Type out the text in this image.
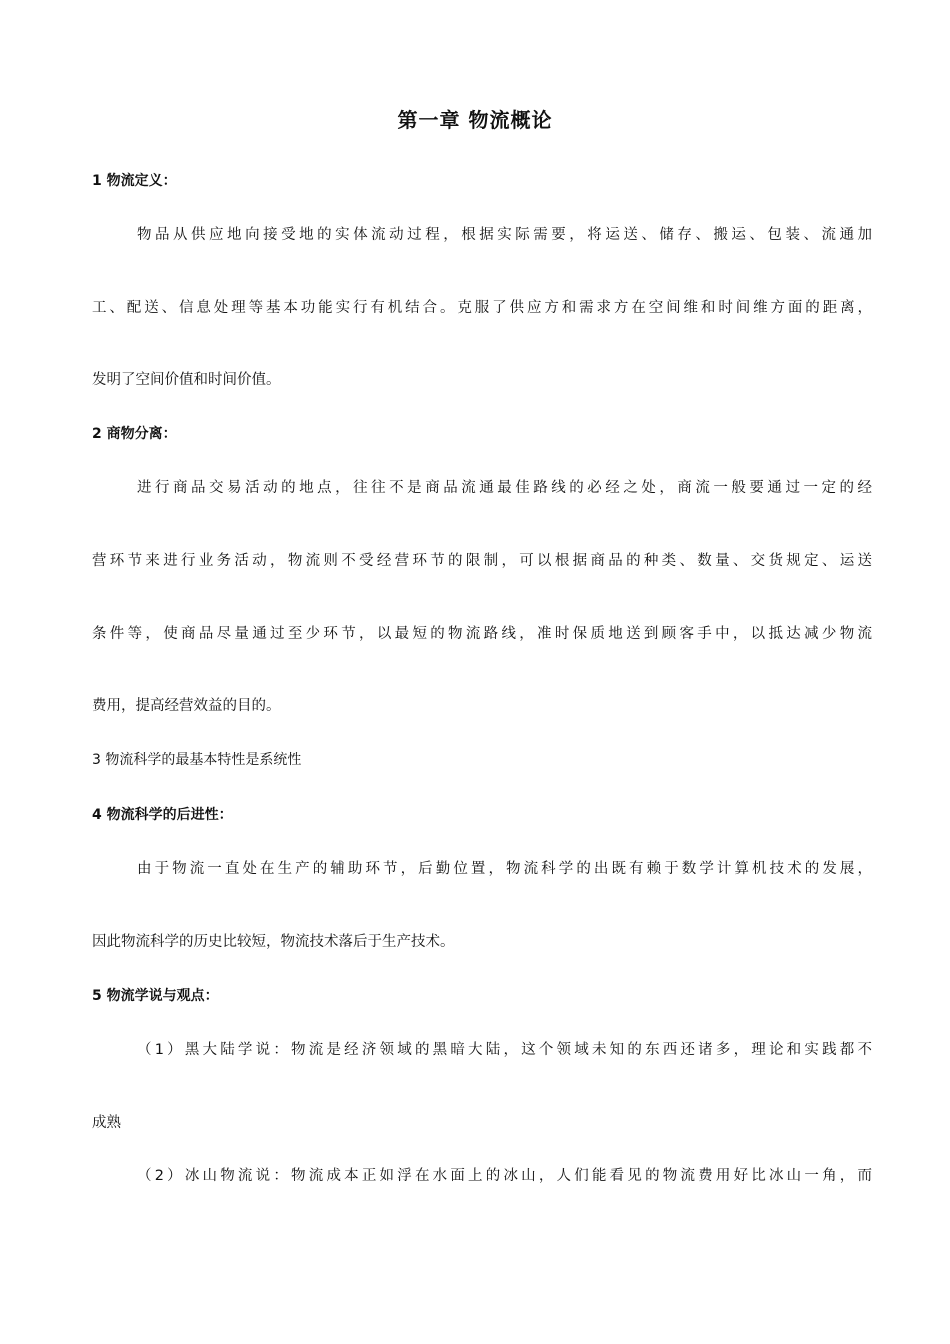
第一章 物流概论
1 物流定义：
物品从供应地向接受地的实体流动过程，根据实际需要，将运送、储存、搬运、包装、流通加
工、配送、信息处理等基本功能实行有机结合。克服了供应方和需求方在空间维和时间维方面的距离，
发明了空间价值和时间价值。
2 商物分离：
进行商品交易活动的地点，往往不是商品流通最佳路线的必经之处，商流一般要通过一定的经
营环节来进行业务活动，物流则不受经营环节的限制，可以根据商品的种类、数量、交货规定、运送
条件等，使商品尽量通过至少环节，以最短的物流路线，准时保质地送到顾客手中，以抵达减少物流
费用，提高经营效益的目的。
3 物流科学的最基本特性是系统性
4 物流科学的后进性：
由于物流一直处在生产的辅助环节，后勤位置，物流科学的出既有赖于数学计算机技术的发展，
因此物流科学的历史比较短，物流技术落后于生产技术。
5 物流学说与观点：
（1）黑大陆学说：物流是经济领域的黑暗大陆，这个领域未知的东西还诸多，理论和实践都不
成熟
（2）冰山物流说：物流成本正如浮在水面上的冰山，人们能看见的物流费用好比冰山一角，而
